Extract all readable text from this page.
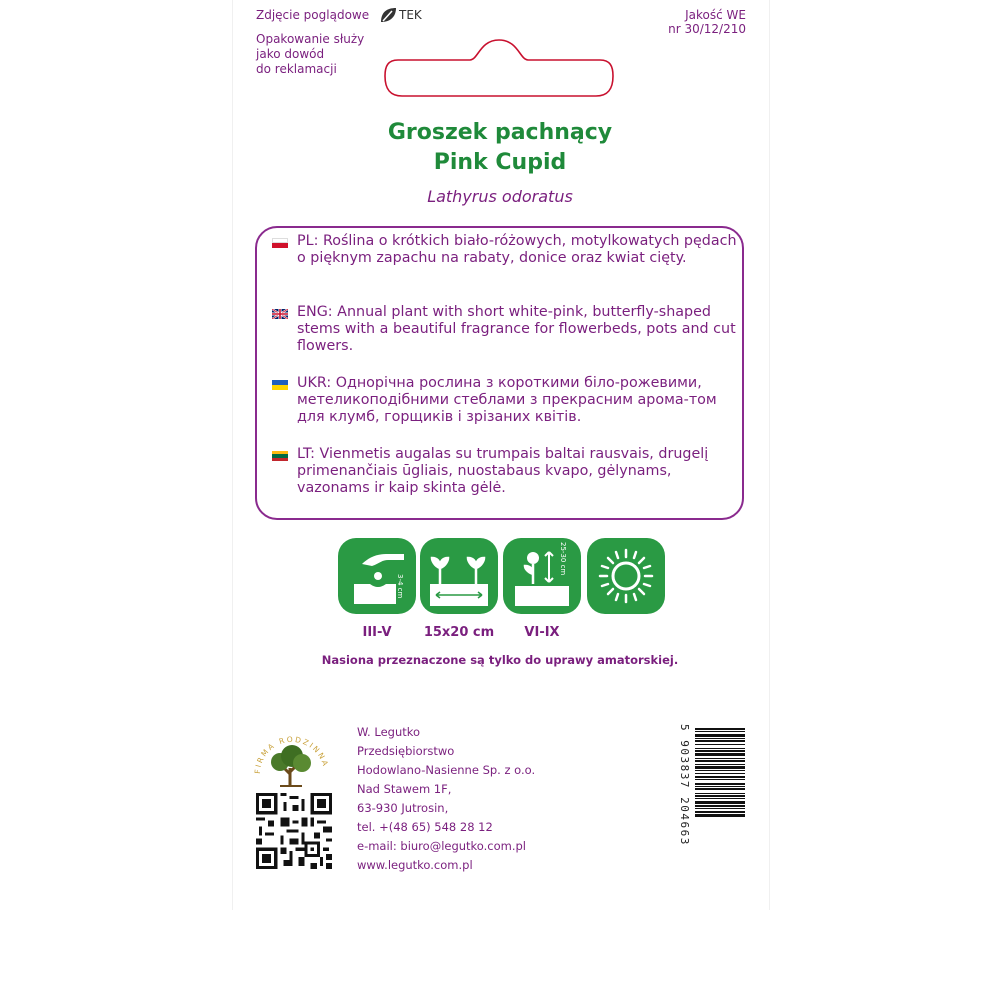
Zdjęcie poglądowe TEK
Opakowanie służy
jako dowód
do reklamacji
Jakość WE
nr 30/12/210
Groszek pachnący
Pink Cupid
Lathyrus odoratus
PL: Roślina o krótkich biało-różowych, motylkowatych pędach o pięknym zapachu na rabaty, donice oraz kwiat cięty.
ENG: Annual plant with short white-pink, butterfly-shaped stems with a beautiful fragrance for flowerbeds, pots and cut flowers.
UKR: Однорічна рослина з короткими біло-рожевими, метеликоподібними стеблами з прекрасним арома-том для клумб, горщиків і зрізаних квітів.
LT: Vienmetis augalas su trumpais baltai rausvais, drugelį primenančiais ūgliais, nuostabaus kvapo, gėlynams, vazonams ir kaip skinta gėlė.
3-4 cm
25-30 cm
III-V	15x20 cm	VI-IX
Nasiona przeznaczone są tylko do uprawy amatorskiej.
FIRMA RODZINNA
W. Legutko
Przedsiębiorstwo
Hodowlano-Nasienne Sp. z o.o.
Nad Stawem 1F,
63-930 Jutrosin,
tel. +(48 65) 548 28 12
e-mail: biuro@legutko.com.pl
www.legutko.com.pl
5 903837 204663
